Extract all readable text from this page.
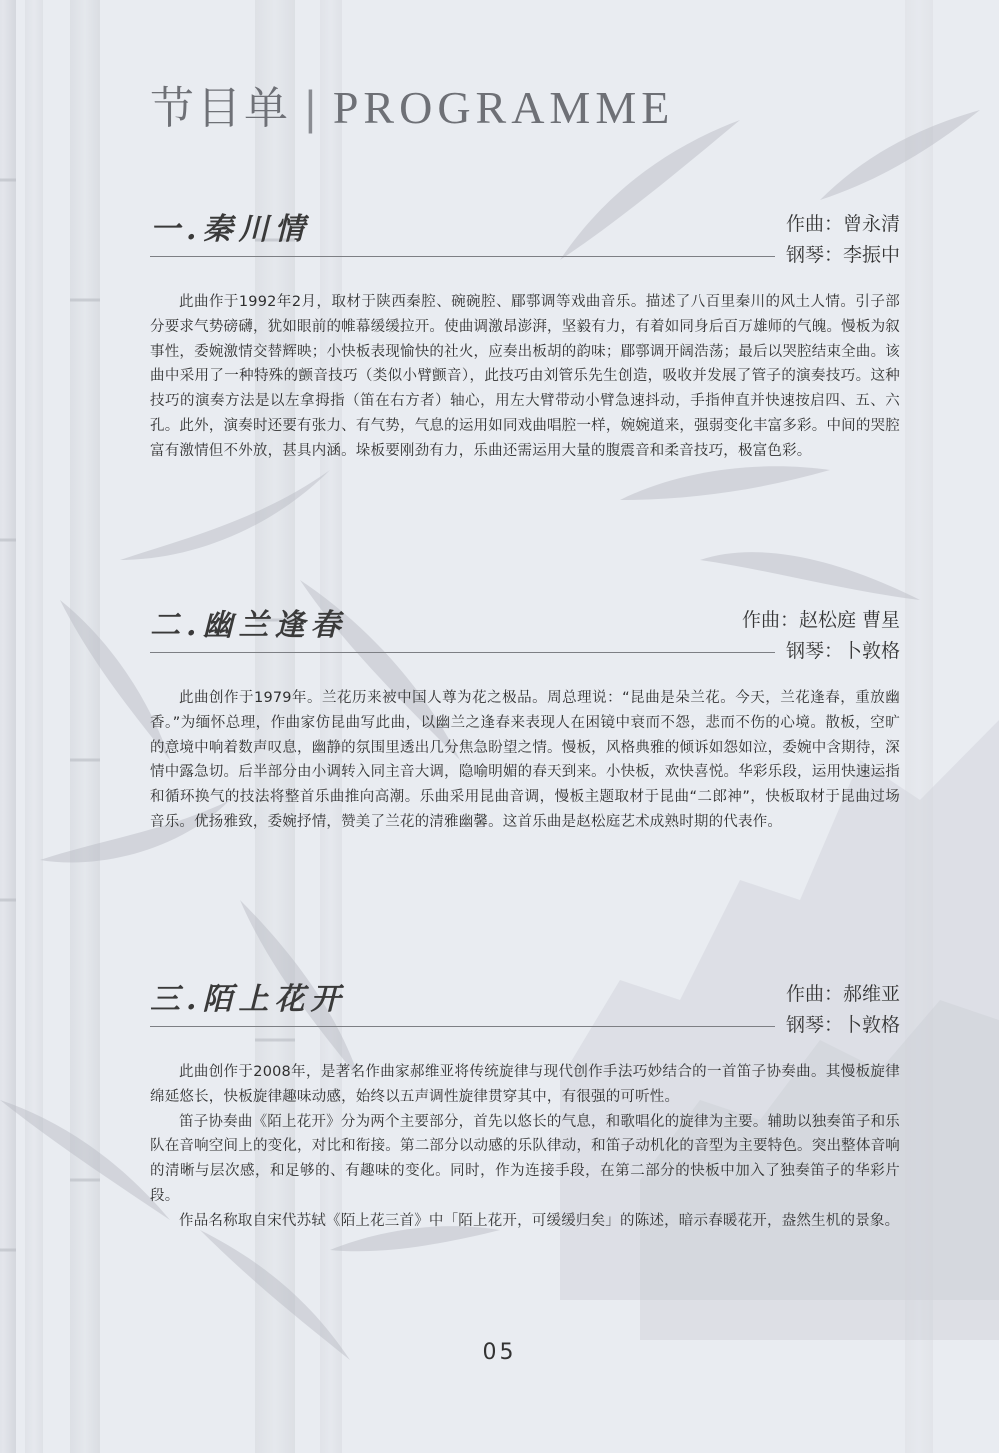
节目单 | PROGRAMME
一.秦川情	作曲：曾永清
钢琴：李振中

此曲作于1992年2月，取材于陕西秦腔、碗碗腔、郿鄠调等戏曲音乐。描述了八百里秦川的风土人情。引子部分要求气势磅礴，犹如眼前的帷幕缓缓拉开。使曲调激昂澎湃，坚毅有力，有着如同身后百万雄师的气魄。慢板为叙事性，委婉激情交替辉映；小快板表现愉快的社火，应奏出板胡的韵味；郿鄠调开阔浩荡；最后以哭腔结束全曲。该曲中采用了一种特殊的颤音技巧（类似小臂颤音），此技巧由刘管乐先生创造，吸收并发展了管子的演奏技巧。这种技巧的演奏方法是以左拿拇指（笛在右方者）轴心，用左大臂带动小臂急速抖动，手指伸直并快速按启四、五、六孔。此外，演奏时还要有张力、有气势，气息的运用如同戏曲唱腔一样，婉婉道来，强弱变化丰富多彩。中间的哭腔富有激情但不外放，甚具内涵。垛板要刚劲有力，乐曲还需运用大量的腹震音和柔音技巧，极富色彩。

二.幽兰逢春	作曲：赵松庭 曹星
钢琴：卜敦格

此曲创作于1979年。兰花历来被中国人尊为花之极品。周总理说：“昆曲是朵兰花。今天，兰花逢春，重放幽香。”为缅怀总理，作曲家仿昆曲写此曲，以幽兰之逢春来表现人在困镜中衰而不怨，悲而不伤的心境。散板，空旷的意境中响着数声叹息，幽静的氛围里透出几分焦急盼望之情。慢板，风格典雅的倾诉如怨如泣，委婉中含期待，深情中露急切。后半部分由小调转入同主音大调，隐喻明媚的春天到来。小快板，欢快喜悦。华彩乐段，运用快速运指和循环换气的技法将整首乐曲推向高潮。乐曲采用昆曲音调，慢板主题取材于昆曲“二郎神”，快板取材于昆曲过场音乐。优扬雅致，委婉抒情，赞美了兰花的清雅幽馨。这首乐曲是赵松庭艺术成熟时期的代表作。

三.陌上花开	作曲：郝维亚
钢琴：卜敦格

此曲创作于2008年，是著名作曲家郝维亚将传统旋律与现代创作手法巧妙结合的一首笛子协奏曲。其慢板旋律绵延悠长，快板旋律趣味动感，始终以五声调性旋律贯穿其中，有很强的可听性。

笛子协奏曲《陌上花开》分为两个主要部分，首先以悠长的气息，和歌唱化的旋律为主要。辅助以独奏笛子和乐队在音响空间上的变化，对比和衔接。第二部分以动感的乐队律动，和笛子动机化的音型为主要特色。突出整体音响的清晰与层次感，和足够的、有趣味的变化。同时，作为连接手段，在第二部分的快板中加入了独奏笛子的华彩片段。

作品名称取自宋代苏轼《陌上花三首》中「陌上花开，可缓缓归矣」的陈述，暗示春暖花开，盎然生机的景象。

05
